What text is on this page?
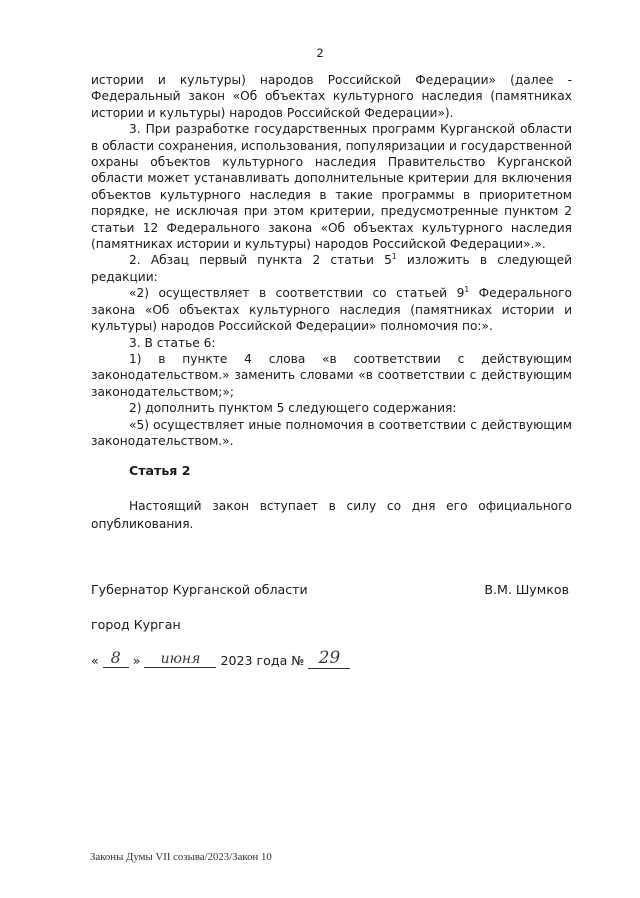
2

истории и культуры) народов Российской Федерации» (далее - Федеральный закон «Об объектах культурного наследия (памятниках истории и культуры) народов Российской Федерации»).

3. При разработке государственных программ Курганской области в области сохранения, использования, популяризации и государственной охраны объектов культурного наследия Правительство Курганской области может устанавливать дополнительные критерии для включения объектов культурного наследия в такие программы в приоритетном порядке, не исключая при этом критерии, предусмотренные пунктом 2 статьи 12 Федерального закона «Об объектах культурного наследия (памятниках истории и культуры) народов Российской Федерации».».

2. Абзац первый пункта 2 статьи $5^1$ изложить в следующей редакции:

«2) осуществляет в соответствии со статьей $9^1$ Федерального закона «Об объектах культурного наследия (памятниках истории и культуры) народов Российской Федерации» полномочия по:».

3. В статье 6:

1) в пункте 4 слова «в соответствии с действующим законодательством.» заменить словами «в соответствии с действующим законодательством;»;

2) дополнить пунктом 5 следующего содержания:

«5) осуществляет иные полномочия в соответствии с действующим законодательством.».

Статья 2

Настоящий закон вступает в силу со дня его официального опубликования.

Губернатор Курганской области	В.М. Шумков
город Курган
« 8 » июня 2023 года № 29
Законы Думы VII созыва/2023/Закон 10
